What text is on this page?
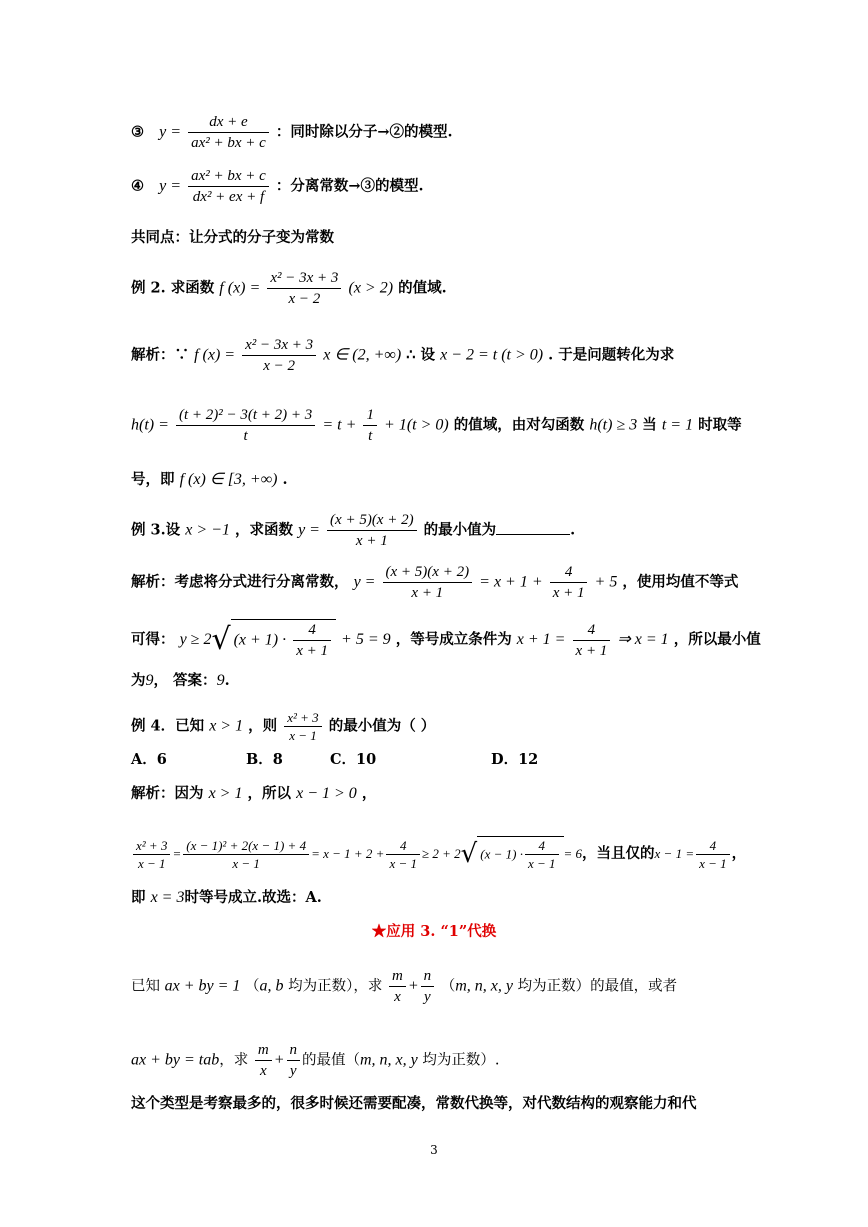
③ $y = \frac{dx + e}{\text{ax² + bx + c}}$ ：同时除以分子→②的模型.
④ $y = \frac{\text{ax² + bx + c}}{\text{dx² + ex + f}}$ ：分离常数→③的模型.
共同点：让分式的分子变为常数
例 2. 求函数 f $(x) = \frac{\text{x² − 3x + 3}}{x - 2} (x > 2)$ 的值域.
解析：∵ f $(x) = \frac{\text{x² − 3x + 3}}{x - 2}$ x ∈ (2, +∞) ∴ 设 x − 2 = t (t > 0) . 于是问题转化为求
$h(t) = \frac{\text{(t + 2)² − 3(t + 2) + 3}}{t} = t + \frac{1}{t} + 1(t > 0)$ 的值域，由对勾函数 h(t) ≥ 3 当 t = 1 时取等
号，即 f (x) ∈ [3, +∞) .
例 3.设 x > −1 ，求函数 $y = \frac{(x + 5)(x + 2)}{x + 1}$ 的最小值为	.
解析：考虑将分式进行分离常数， $y = \frac{(x + 5)(x + 2)}{x + 1} = x + 1 + \frac{4}{x + 1} + 5$ ，使用均值不等式
可得： y ≥ 2√ $(x + 1) \cdot \frac{4}{x + 1} + 5 = 9$ ，等号成立条件为 $x + 1 = \frac{4}{x + 1}$ ⇒ x = 1 ，所以最小值
为9， 答案：9.
例 4．已知 x > 1 ，则 $\frac{\text{x² + 3}}{x - 1}$ 的最小值为（ ）
A．6	B．8	C．10	D．12
解析：因为 x > 1 ，所以 x − 1 > 0 ，
$\frac{\text{x² + 3}}{x - 1} = \frac{\text{(x − 1)² + 2(x − 1) + 4}}{x - 1} = x - 1 + 2 + \frac{4}{x - 1} \ge 2 + 2√$ $(x - 1) \cdot \frac{4}{x - 1} = 6$，当且仅的$x - 1 = \frac{4}{x - 1}$ ，
即 x = 3时等号成立.故选：A.
★应用 3. “1”代换
已知 ax + by = 1 （a, b 均为正数），求 $\frac{m}{x} + \frac{n}{y} (m$, n, x, y 均为正数）的最值，或者
ax + by = tab，求 $\frac{m}{x} + \frac{n}{y}$ 的最值（m, n, x, y 均为正数）.
这个类型是考察最多的，很多时候还需要配凑，常数代换等，对代数结构的观察能力和代
3
